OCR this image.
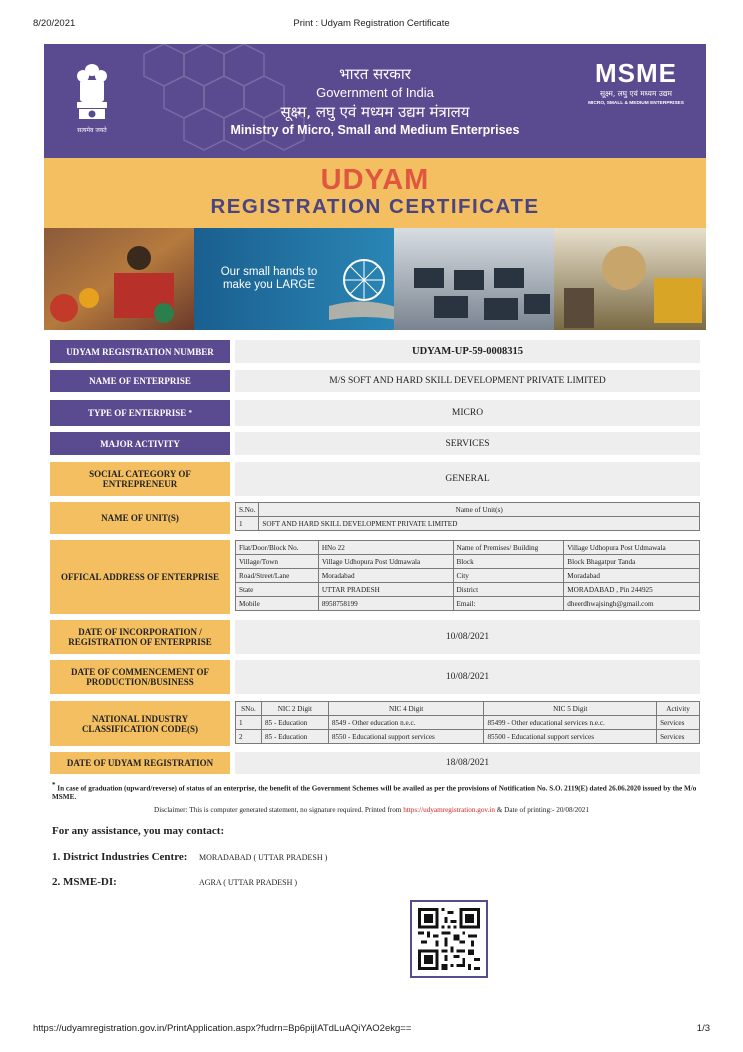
8/20/2021	Print : Udyam Registration Certificate
सत्यमेव जयते
भारत सरकार
Government of India
सूक्ष्म, लघु एवं मध्यम उद्यम मंत्रालय
Ministry of Micro, Small and Medium Enterprises
MSME
सूक्ष्म, लघु एवं मध्यम उद्यम
MICRO, SMALL & MEDIUM ENTERPRISES
UDYAM
REGISTRATION CERTIFICATE
Our small hands to make you LARGE
UDYAM REGISTRATION NUMBER	UDYAM-UP-59-0008315
NAME OF ENTERPRISE	M/S SOFT AND HARD SKILL DEVELOPMENT PRIVATE LIMITED
TYPE OF ENTERPRISE
*	MICRO
MAJOR ACTIVITY	SERVICES
SOCIAL CATEGORY OF ENTREPRENEUR	GENERAL
NAME OF UNIT(S)
S.No.	Name of Unit(s)
1	SOFT AND HARD SKILL DEVELOPMENT PRIVATE LIMITED
OFFICAL ADDRESS OF ENTERPRISE
Flat/Door/Block No.	HNo 22	Name of Premises/ Building	Village Udhopura Post Udmawala
Village/Town	Village Udhopura Post Udmawala	Block	Block Bhagatpur Tanda
Road/Street/Lane	Moradabad	City	Moradabad
State	UTTAR PRADESH	District	MORADABAD , Pin 244925
Mobile	8958758199	Email:	dheerdhwajsingh@gmail.com
DATE OF INCORPORATION / REGISTRATION OF ENTERPRISE	10/08/2021
DATE OF COMMENCEMENT OF PRODUCTION/BUSINESS	10/08/2021
NATIONAL INDUSTRY CLASSIFICATION CODE(S)
SNo.	NIC 2 Digit	NIC 4 Digit	NIC 5 Digit	Activity
1	85 - Education	8549 - Other education n.e.c.	85499 - Other educational services n.e.c.	Services
2	85 - Education	8550 - Educational support services	85500 - Educational support services	Services
DATE OF UDYAM REGISTRATION	18/08/2021
* In case of graduation (upward/reverse) of status of an enterprise, the benefit of the Government Schemes will be availed as per the provisions of Notification No. S.O. 2119(E) dated 26.06.2020 issued by the M/o MSME.
Disclaimer: This is computer generated statement, no signature required. Printed from https://udyamregistration.gov.in & Date of printing:- 20/08/2021
For any assistance, you may contact:
1. District Industries Centre: MORADABAD ( UTTAR PRADESH )
2. MSME-DI:	AGRA ( UTTAR PRADESH )
https://udyamregistration.gov.in/PrintApplication.aspx?fudrn=Bp6pijIATdLuAQiYAO2ekg==	1/3
